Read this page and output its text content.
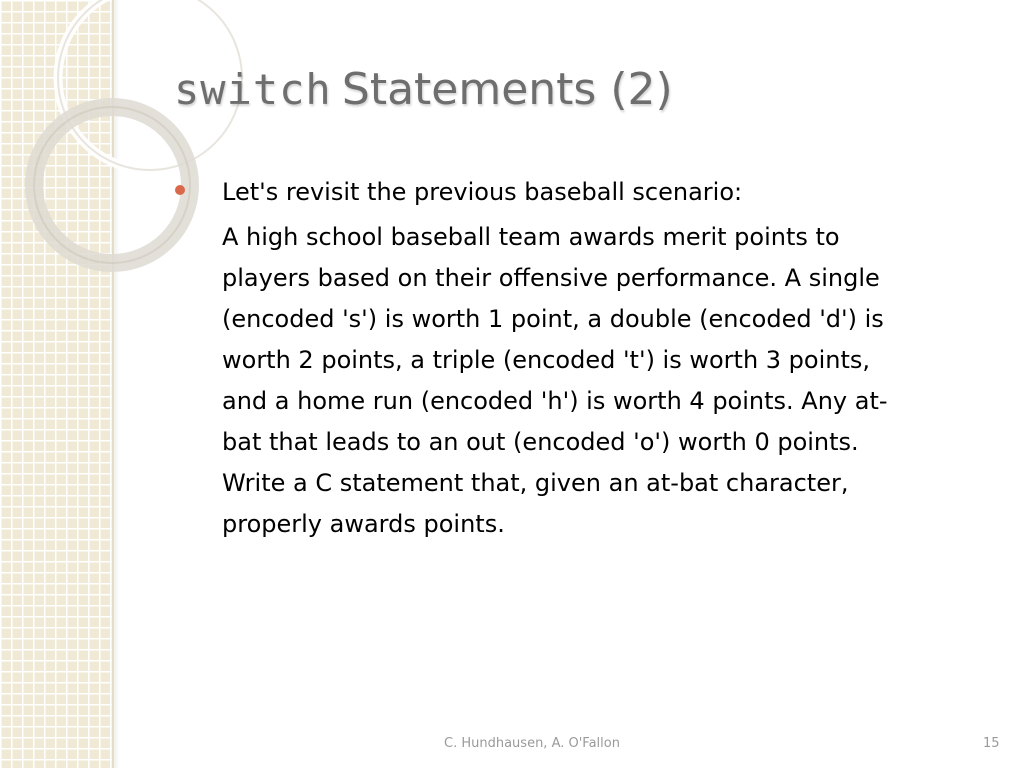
switch Statements (2)

Let's revisit the previous baseball scenario:

A high school baseball team awards merit points to
players based on their offensive performance. A single
(encoded 's') is worth 1 point, a double (encoded 'd') is
worth 2 points, a triple (encoded 't') is worth 3 points,
and a home run (encoded 'h') is worth 4 points. Any at-
bat that leads to an out (encoded 'o') worth 0 points.
Write a C statement that, given an at-bat character,
properly awards points.

C. Hundhausen, A. O'Fallon	15
